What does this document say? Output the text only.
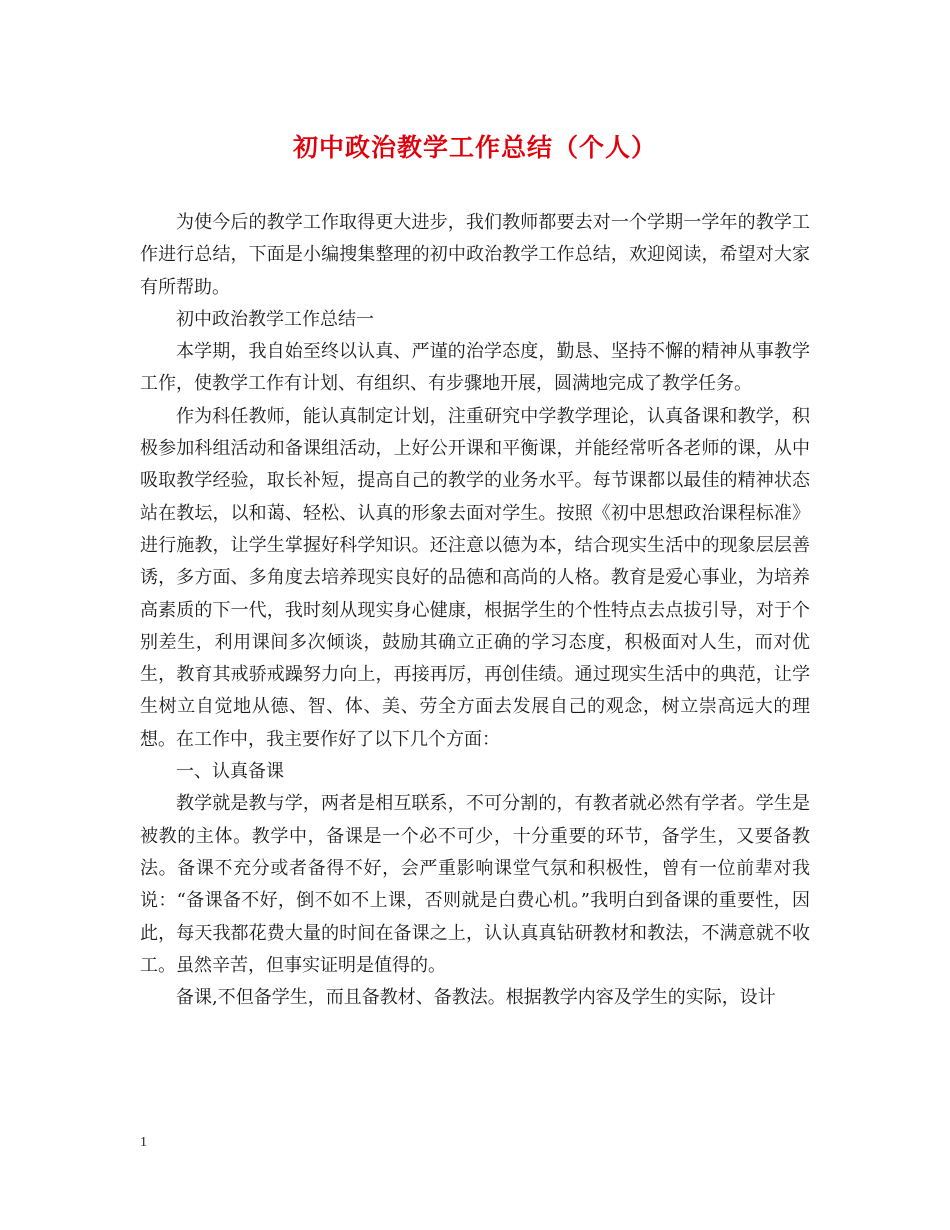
初中政治教学工作总结（个人）

为使今后的教学工作取得更大进步，我们教师都要去对一个学期一学年的教学工作进行总结，下面是小编搜集整理的初中政治教学工作总结，欢迎阅读，希望对大家有所帮助。

初中政治教学工作总结一

本学期，我自始至终以认真、严谨的治学态度，勤恳、坚持不懈的精神从事教学工作，使教学工作有计划、有组织、有步骤地开展，圆满地完成了教学任务。

作为科任教师，能认真制定计划，注重研究中学教学理论，认真备课和教学，积极参加科组活动和备课组活动，上好公开课和平衡课，并能经常听各老师的课，从中吸取教学经验，取长补短，提高自己的教学的业务水平。每节课都以最佳的精神状态站在教坛，以和蔼、轻松、认真的形象去面对学生。按照《初中思想政治课程标准》进行施教，让学生掌握好科学知识。还注意以德为本，结合现实生活中的现象层层善诱，多方面、多角度去培养现实良好的品德和高尚的人格。教育是爱心事业，为培养高素质的下一代，我时刻从现实身心健康，根据学生的个性特点去点拔引导，对于个别差生，利用课间多次倾谈，鼓励其确立正确的学习态度，积极面对人生，而对优生，教育其戒骄戒躁努力向上，再接再厉，再创佳绩。通过现实生活中的典范，让学生树立自觉地从德、智、体、美、劳全方面去发展自己的观念，树立崇高远大的理想。在工作中，我主要作好了以下几个方面：

一、认真备课

教学就是教与学，两者是相互联系，不可分割的，有教者就必然有学者。学生是被教的主体。教学中，备课是一个必不可少，十分重要的环节，备学生，又要备教法。备课不充分或者备得不好，会严重影响课堂气氛和积极性，曾有一位前辈对我说：“备课备不好，倒不如不上课，否则就是白费心机。”我明白到备课的重要性，因此，每天我都花费大量的时间在备课之上，认认真真钻研教材和教法，不满意就不收工。虽然辛苦，但事实证明是值得的。

备课,不但备学生，而且备教材、备教法。根据教学内容及学生的实际，设计

1
